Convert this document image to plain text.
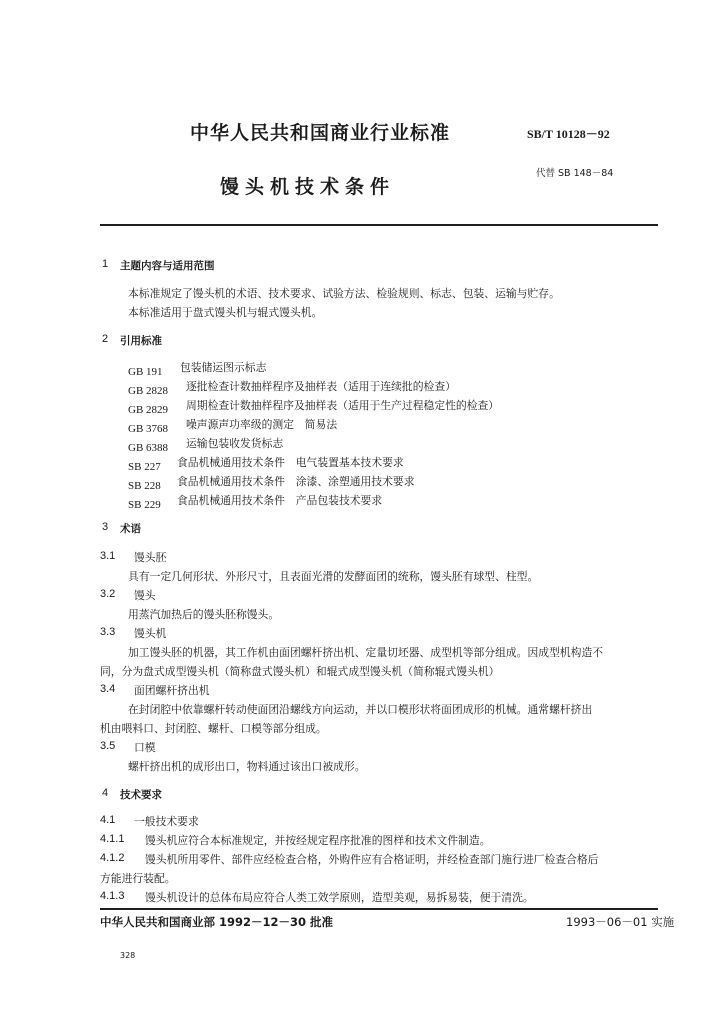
中华人民共和国商业行业标准	SB/T 10128－92
馒头机技术条件
代替 SB 148－84
1 主题内容与适用范围
本标准规定了馒头机的术语、技术要求、试验方法、检验规则、标志、包装、运输与贮存。
本标准适用于盘式馒头机与辊式馒头机。
2 引用标准
GB 191 包装储运图示标志
GB 2828 逐批检查计数抽样程序及抽样表（适用于连续批的检查）
GB 2829 周期检查计数抽样程序及抽样表（适用于生产过程稳定性的检查）
GB 3768 噪声源声功率级的测定　简易法
GB 6388 运输包装收发货标志
SB 227 食品机械通用技术条件　电气装置基本技术要求
SB 228 食品机械通用技术条件　涂漆、涂塑通用技术要求
SB 229 食品机械通用技术条件　产品包装技术要求
3 术语
3.1 馒头胚
具有一定几何形状、外形尺寸，且表面光滑的发酵面团的统称，馒头胚有球型、柱型。
3.2 馒头
用蒸汽加热后的馒头胚称馒头。
3.3 馒头机
加工馒头胚的机器，其工作机由面团螺杆挤出机、定量切坯器、成型机等部分组成。因成型机构造不
同，分为盘式成型馒头机（简称盘式馒头机）和辊式成型馒头机（简称辊式馒头机）
3.4 面团螺杆挤出机
在封闭腔中依靠螺杆转动使面团沿螺线方向运动，并以口模形状将面团成形的机械。通常螺杆挤出
机由喂料口、封闭腔、螺杆、口模等部分组成。
3.5 口模
螺杆挤出机的成形出口，物料通过该出口被成形。
4 技术要求
4.1 一般技术要求
4.1.1 馒头机应符合本标准规定，并按经规定程序批准的图样和技术文件制造。
4.1.2 馒头机所用零件、部件应经检查合格，外购件应有合格证明，并经检查部门施行进厂检查合格后
方能进行装配。
4.1.3 馒头机设计的总体布局应符合人类工效学原则，造型美观，易拆易装，便于清洗。
中华人民共和国商业部 1992－12－30 批准	1993－06－01 实施
328
